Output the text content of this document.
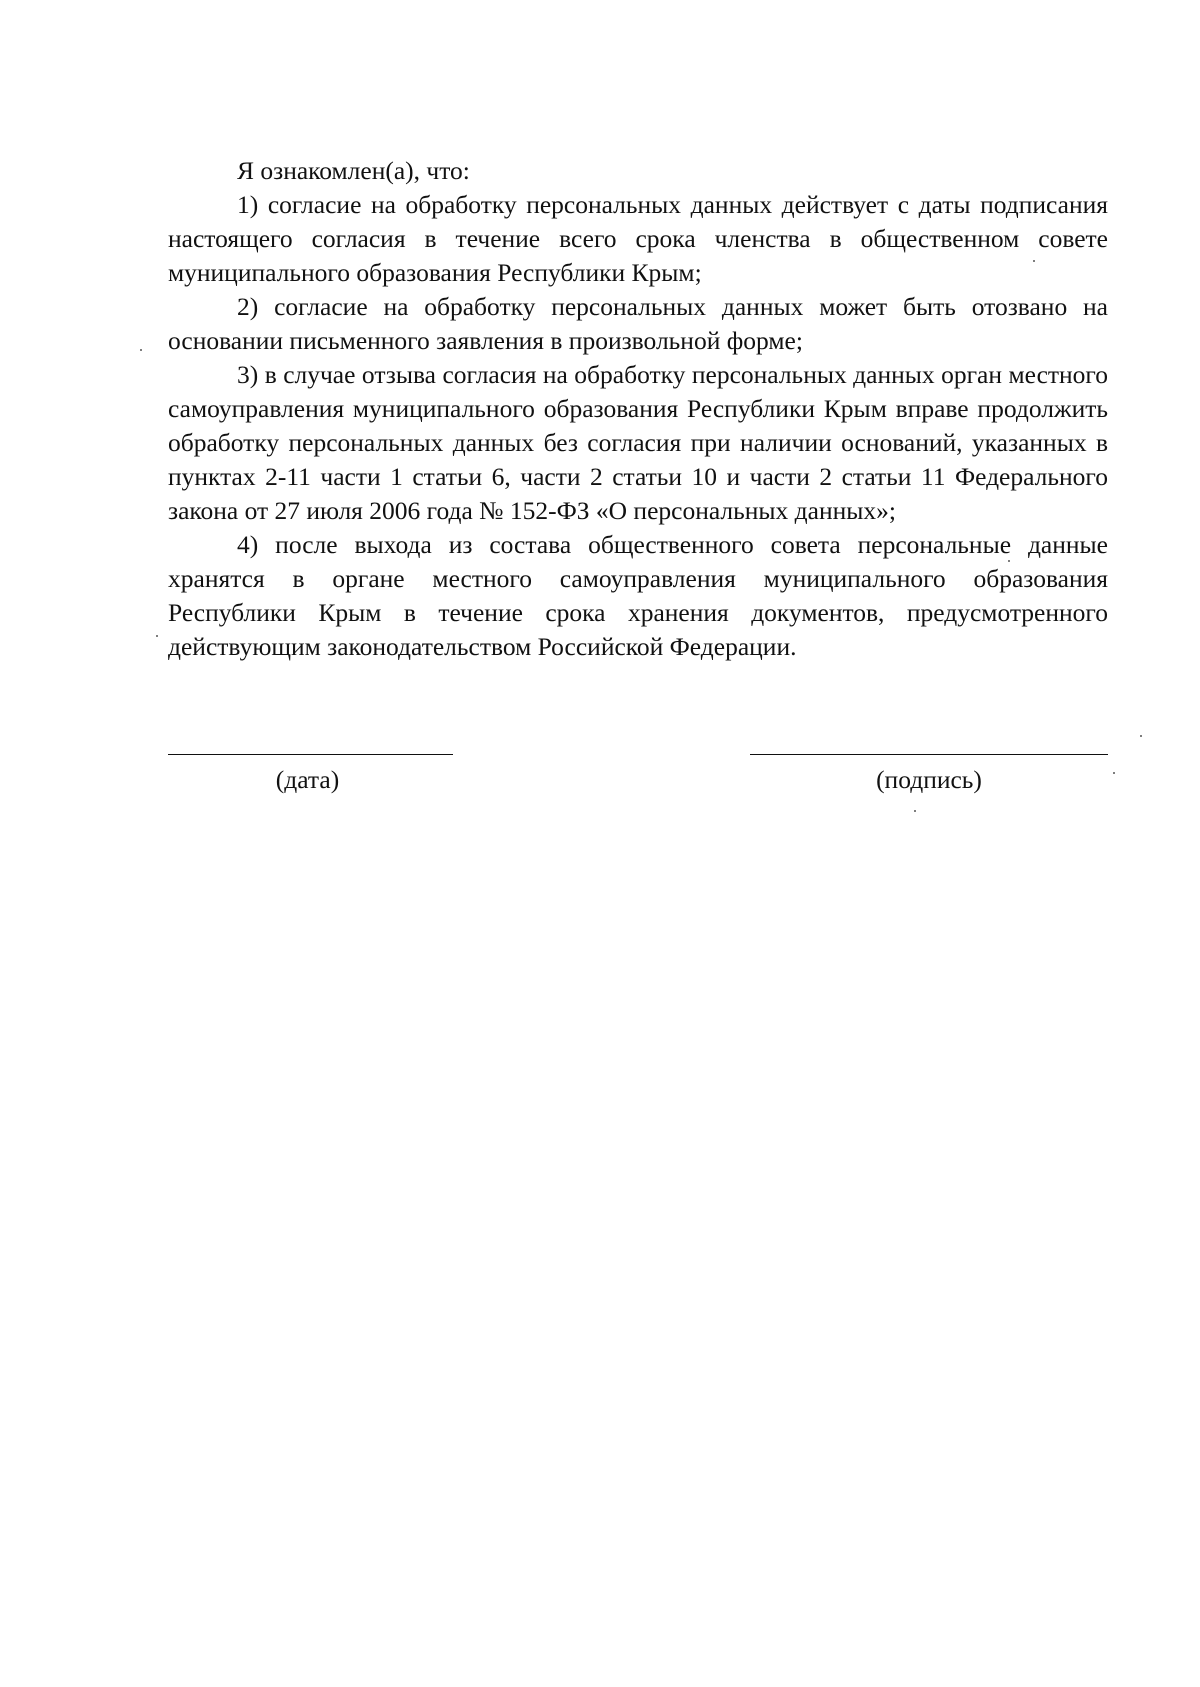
Я ознакомлен(а), что:

1) согласие на обработку персональных данных действует с даты подписания настоящего согласия в течение всего срока членства в общественном совете муниципального образования Республики Крым;

2) согласие на обработку персональных данных может быть отозвано на основании письменного заявления в произвольной форме;

3) в случае отзыва согласия на обработку персональных данных орган местного самоуправления муниципального образования Республики Крым вправе продолжить обработку персональных данных без согласия при наличии оснований, указанных в пунктах 2-11 части 1 статьи 6, части 2 статьи 10 и части 2 статьи 11 Федерального закона от 27 июля 2006 года № 152-ФЗ «О персональных данных»;

4) после выхода из состава общественного совета персональные данные хранятся в органе местного самоуправления муниципального образования Республики Крым в течение срока хранения документов, предусмотренного действующим законодательством Российской Федерации.

(дата)	(подпись)
